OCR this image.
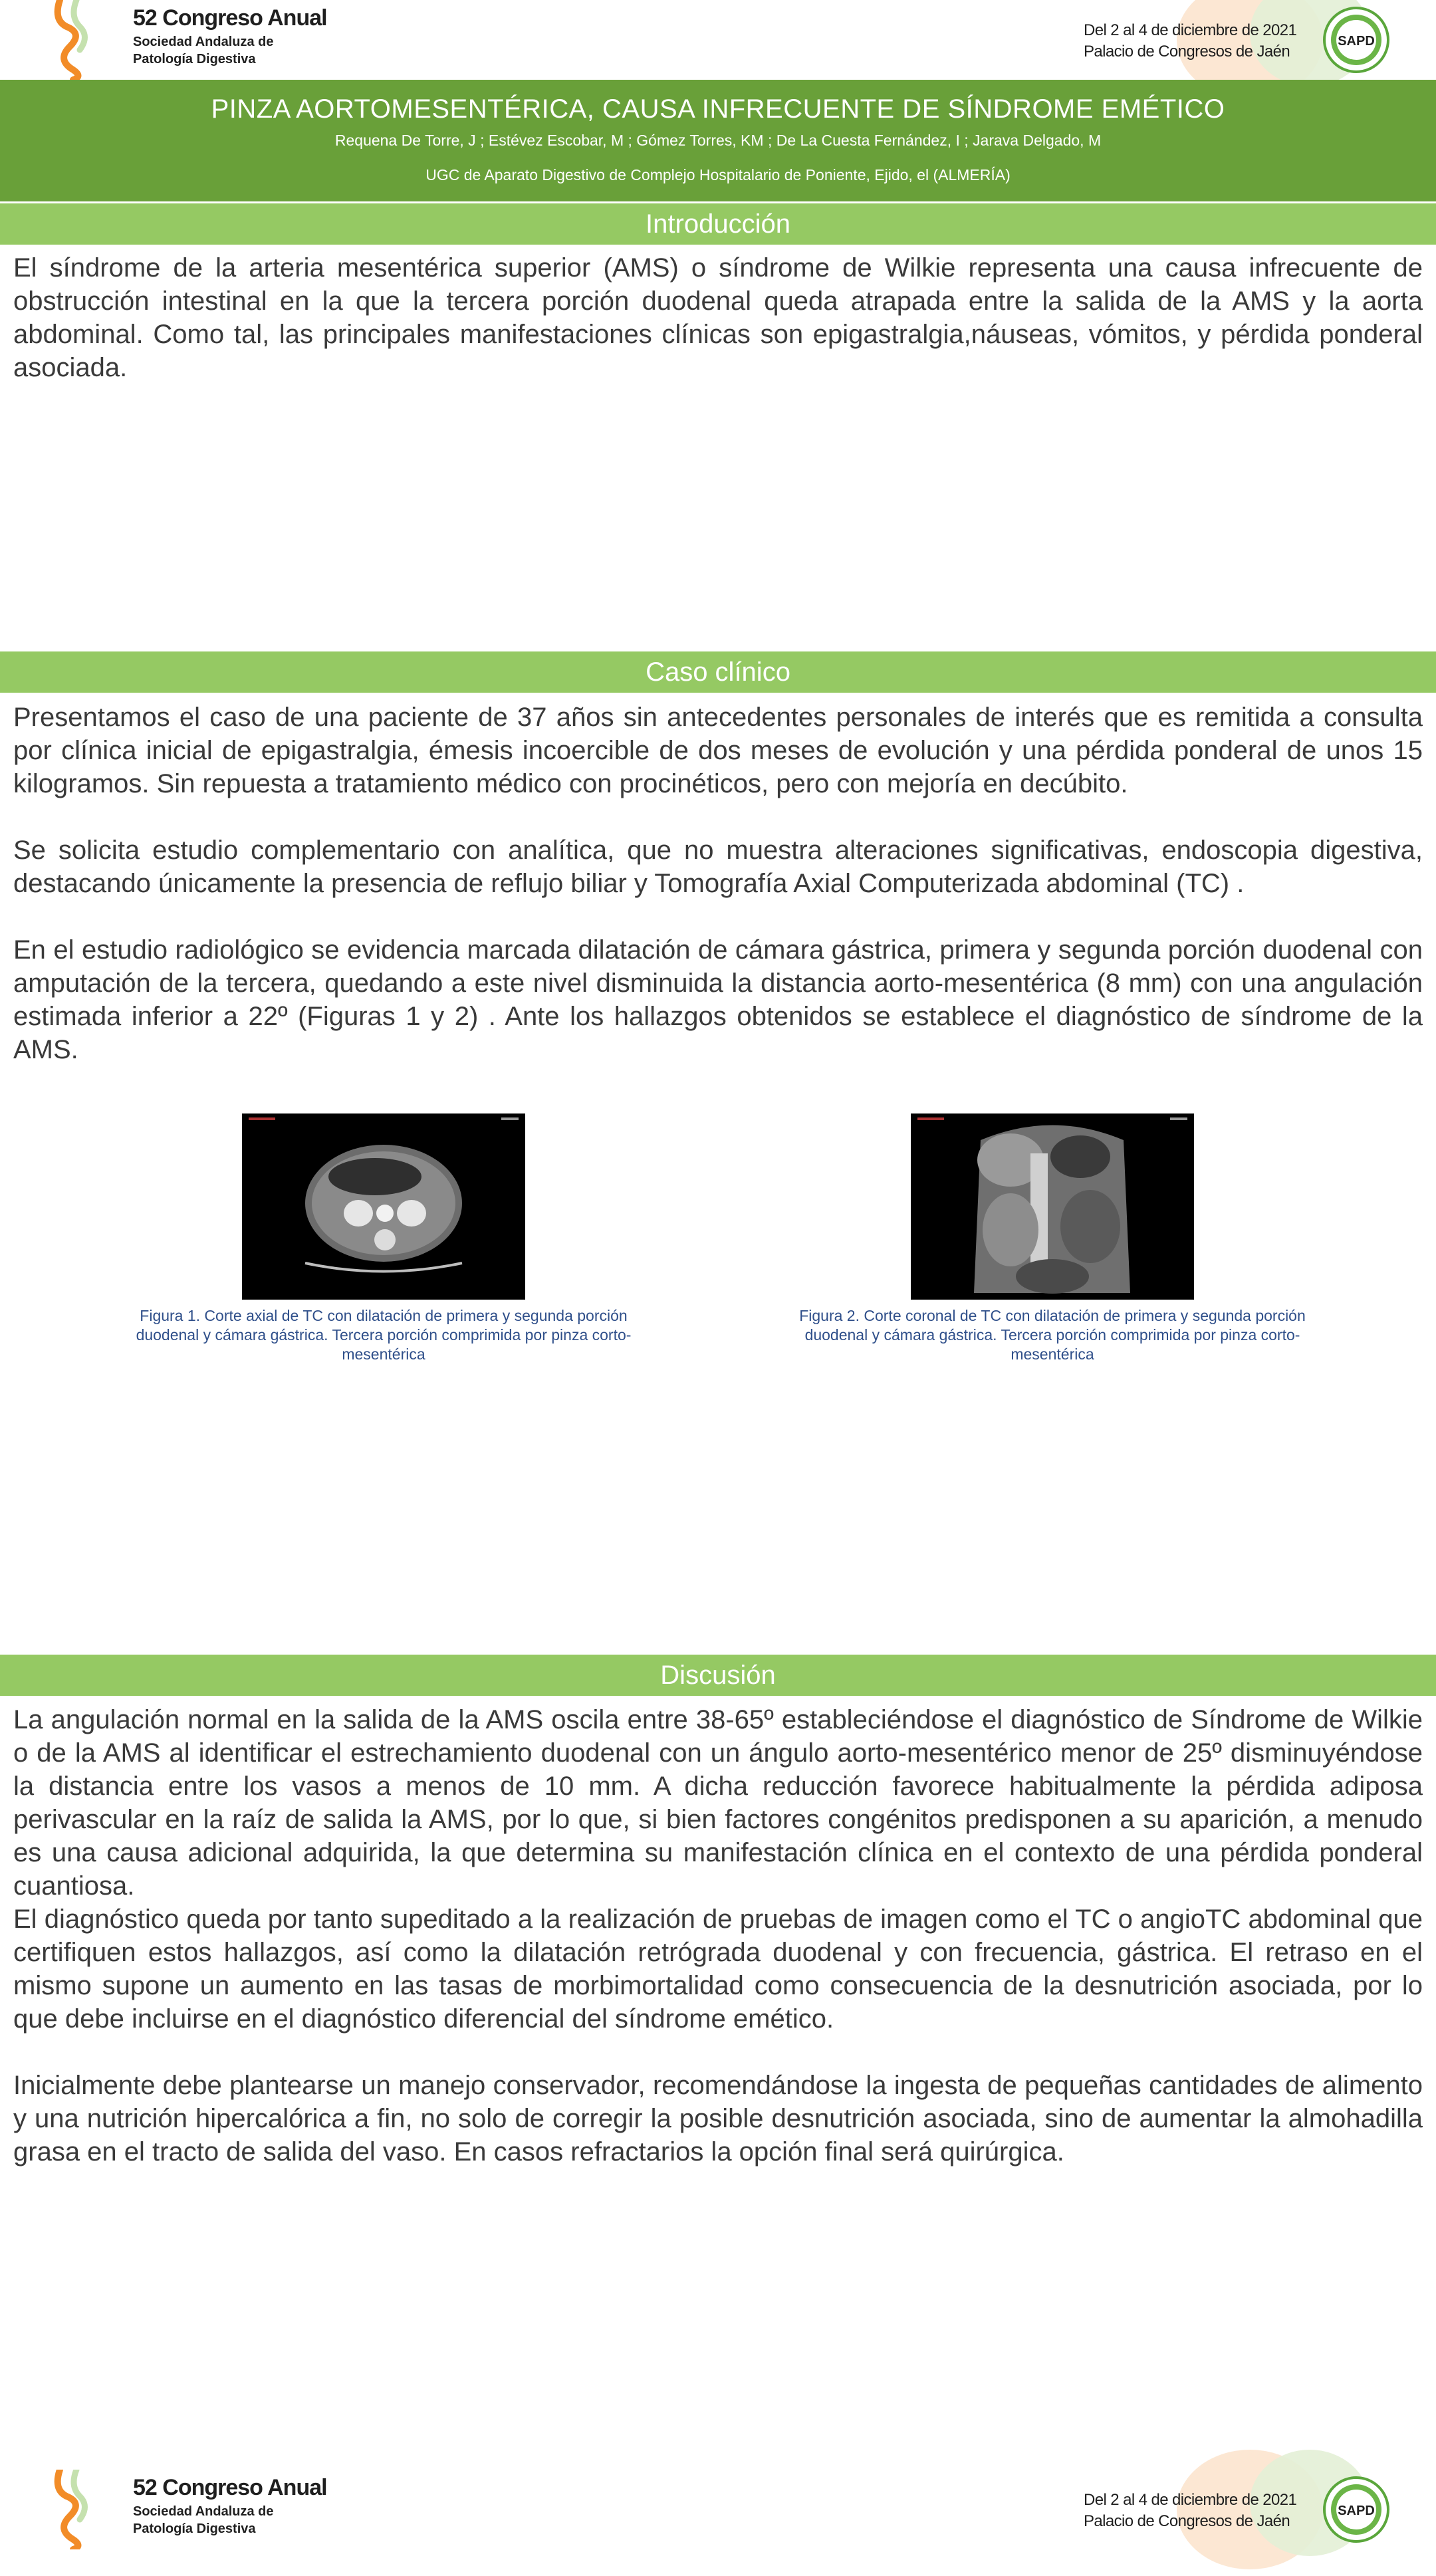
52 Congreso Anual
Sociedad Andaluza de
Patología Digestiva
Del 2 al 4 de diciembre de 2021
Palacio de Congresos de Jaén
SAPD
PINZA AORTOMESENTÉRICA, CAUSA INFRECUENTE DE SÍNDROME EMÉTICO
Requena De Torre, J ; Estévez Escobar, M ; Gómez Torres, KM ; De La Cuesta Fernández, I ; Jarava Delgado, M
UGC de Aparato Digestivo de Complejo Hospitalario de Poniente, Ejido, el (ALMERÍA)
Introducción

El síndrome de la arteria mesentérica superior (AMS) o síndrome de Wilkie representa una causa infrecuente de obstrucción intestinal en la que la tercera porción duodenal queda atrapada entre la salida de la AMS y la aorta abdominal. Como tal, las principales manifestaciones clínicas son epigastralgia,náuseas, vómitos, y pérdida ponderal asociada.

Caso clínico

Presentamos el caso de una paciente de 37 años sin antecedentes personales de interés que es remitida a consulta por clínica inicial de epigastralgia, émesis incoercible de dos meses de evolución y una pérdida ponderal de unos 15 kilogramos. Sin repuesta a tratamiento médico con procinéticos, pero con mejoría en decúbito.

Se solicita estudio complementario con analítica, que no muestra alteraciones significativas, endoscopia digestiva, destacando únicamente la presencia de reflujo biliar y Tomografía Axial Computerizada abdominal (TC) .

En el estudio radiológico se evidencia marcada dilatación de cámara gástrica, primera y segunda porción duodenal con amputación de la tercera, quedando a este nivel disminuida la distancia aorto-mesentérica (8 mm) con una angulación estimada inferior a 22º (Figuras 1 y 2) . Ante los hallazgos obtenidos se establece el diagnóstico de síndrome de la AMS.

Figura 1. Corte axial de TC con dilatación de primera y segunda porción duodenal y cámara gástrica. Tercera porción comprimida por pinza corto-mesentérica
Figura 2. Corte coronal de TC con dilatación de primera y segunda porción duodenal y cámara gástrica. Tercera porción comprimida por pinza corto-mesentérica
Discusión

La angulación normal en la salida de la AMS oscila entre 38-65º estableciéndose el diagnóstico de Síndrome de Wilkie o de la AMS al identificar el estrechamiento duodenal con un ángulo aorto-mesentérico menor de 25º disminuyéndose la distancia entre los vasos a menos de 10 mm. A dicha reducción favorece habitualmente la pérdida adiposa perivascular en la raíz de salida la AMS, por lo que, si bien factores congénitos predisponen a su aparición, a menudo es una causa adicional adquirida, la que determina su manifestación clínica en el contexto de una pérdida ponderal cuantiosa.

El diagnóstico queda por tanto supeditado a la realización de pruebas de imagen como el TC o angioTC abdominal que certifiquen estos hallazgos, así como la dilatación retrógrada duodenal y con frecuencia, gástrica. El retraso en el mismo supone un aumento en las tasas de morbimortalidad como consecuencia de la desnutrición asociada, por lo que debe incluirse en el diagnóstico diferencial del síndrome emético.

Inicialmente debe plantearse un manejo conservador, recomendándose la ingesta de pequeñas cantidades de alimento y una nutrición hipercalórica a fin, no solo de corregir la posible desnutrición asociada, sino de aumentar la almohadilla grasa en el tracto de salida del vaso. En casos refractarios la opción final será quirúrgica.

52 Congreso Anual
Sociedad Andaluza de
Patología Digestiva
Del 2 al 4 de diciembre de 2021
Palacio de Congresos de Jaén
SAPD
